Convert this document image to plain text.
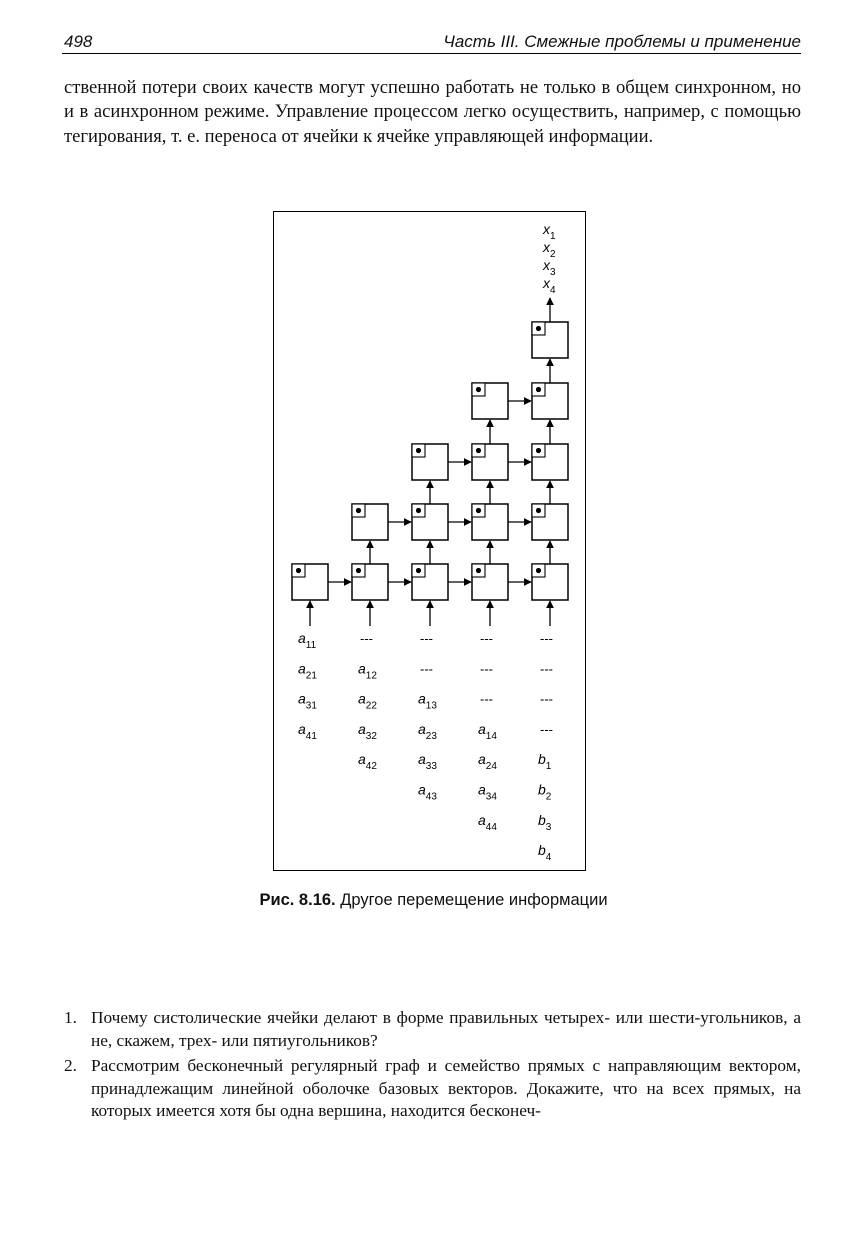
498	Часть III. Смежные проблемы и применение

ственной потери своих качеств могут успешно работать не только в общем синхронном, но и в асинхронном режиме. Управление процессом легко осуществить, например, с помощью тегирования, т. е. переноса от ячейки к ячейке управляющей информации.

$x_1$
$x_2$
$x_3$
$x_4$
$a_{11}$
$a_{21}$
$a_{31}$
$a_{41}$
---
$a_{12}$
$a_{22}$
$a_{32}$
$a_{42}$
---
---
$a_{13}$
$a_{23}$
$a_{33}$
$a_{43}$
---
---
---
$a_{14}$
$a_{24}$
$a_{34}$
$a_{44}$
---
---
---
---
$b_1$
$b_2$
$b_3$
$b_4$
Рис. 8.16. Другое перемещение информации
1. Почему систолические ячейки делают в форме правильных четырех- или шести-угольников, а не, скажем, трех- или пятиугольников?
2. Рассмотрим бесконечный регулярный граф и семейство прямых с направляющим вектором, принадлежащим линейной оболочке базовых векторов. Докажите, что на всех прямых, на которых имеется хотя бы одна вершина, находится бесконеч-
